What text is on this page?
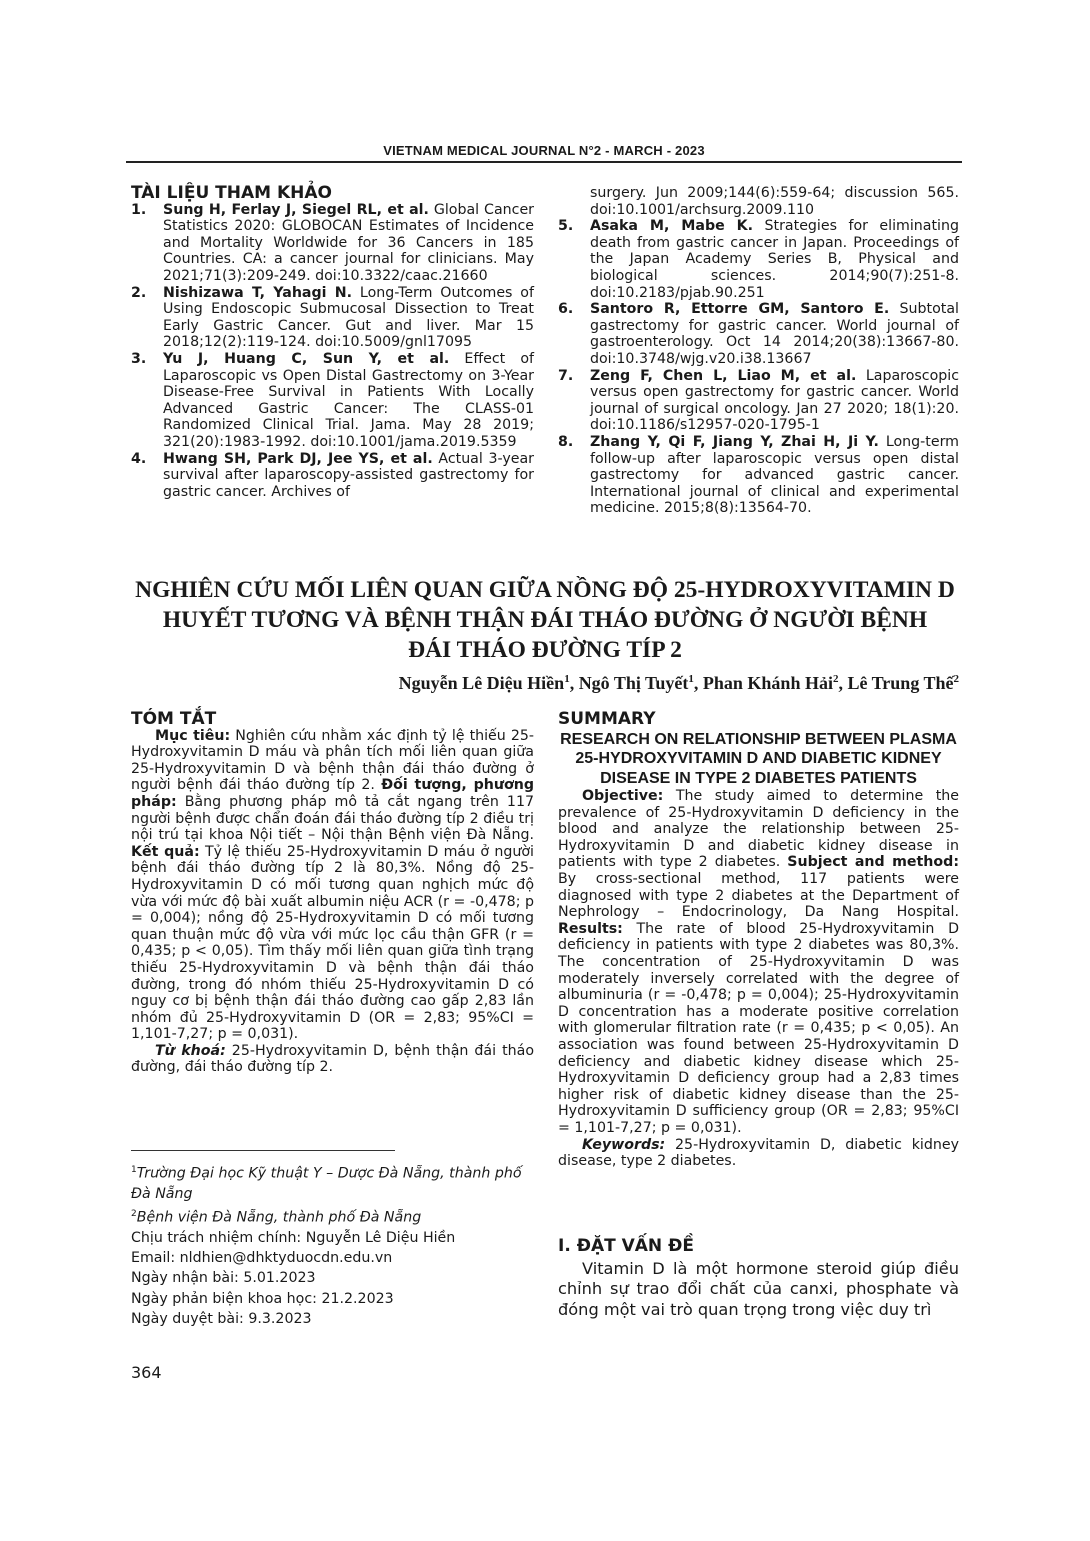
VIETNAM MEDICAL JOURNAL N°2 - MARCH - 2023
TÀI LIỆU THAM KHẢO

1. Sung H, Ferlay J, Siegel RL, et al. Global Cancer Statistics 2020: GLOBOCAN Estimates of Incidence and Mortality Worldwide for 36 Cancers in 185 Countries. CA: a cancer journal for clinicians. May 2021;71(3):209-249. doi:10.3322/caac.21660

2. Nishizawa T, Yahagi N. Long-Term Outcomes of Using Endoscopic Submucosal Dissection to Treat Early Gastric Cancer. Gut and liver. Mar 15 2018;12(2):119-124. doi:10.5009/gnl17095

3. Yu J, Huang C, Sun Y, et al. Effect of Laparoscopic vs Open Distal Gastrectomy on 3-Year Disease-Free Survival in Patients With Locally Advanced Gastric Cancer: The CLASS-01 Randomized Clinical Trial. Jama. May 28 2019; 321(20):1983-1992. doi:10.1001/jama.2019.5359

4. Hwang SH, Park DJ, Jee YS, et al. Actual 3-year survival after laparoscopy-assisted gastrectomy for gastric cancer. Archives of

surgery. Jun 2009;144(6):559-64; discussion 565. doi:10.1001/archsurg.2009.110

5. Asaka M, Mabe K. Strategies for eliminating death from gastric cancer in Japan. Proceedings of the Japan Academy Series B, Physical and biological sciences. 2014;90(7):251-8. doi:10.2183/pjab.90.251

6. Santoro R, Ettorre GM, Santoro E. Subtotal gastrectomy for gastric cancer. World journal of gastroenterology. Oct 14 2014;20(38):13667-80. doi:10.3748/wjg.v20.i38.13667

7. Zeng F, Chen L, Liao M, et al. Laparoscopic versus open gastrectomy for gastric cancer. World journal of surgical oncology. Jan 27 2020; 18(1):20. doi:10.1186/s12957-020-1795-1

8. Zhang Y, Qi F, Jiang Y, Zhai H, Ji Y. Long-term follow-up after laparoscopic versus open distal gastrectomy for advanced gastric cancer. International journal of clinical and experimental medicine. 2015;8(8):13564-70.

NGHIÊN CỨU MỐI LIÊN QUAN GIỮA NỒNG ĐỘ 25-HYDROXYVITAMIN D
HUYẾT TƯƠNG VÀ BỆNH THẬN ĐÁI THÁO ĐƯỜNG Ở NGƯỜI BỆNH
ĐÁI THÁO ĐƯỜNG TÍP 2
Nguyễn Lê Diệu Hiền$^1$, Ngô Thị Tuyết$^1$, Phan Khánh Hải$^2$, Lê Trung Thế$^2$
TÓM TẮT

Mục tiêu: Nghiên cứu nhằm xác định tỷ lệ thiếu 25-Hydroxyvitamin D máu và phân tích mối liên quan giữa 25-Hydroxyvitamin D và bệnh thận đái tháo đường ở người bệnh đái tháo đường típ 2. Đối tượng, phương pháp: Bằng phương pháp mô tả cắt ngang trên 117 người bệnh được chẩn đoán đái tháo đường típ 2 điều trị nội trú tại khoa Nội tiết – Nội thận Bệnh viện Đà Nẵng. Kết quả: Tỷ lệ thiếu 25-Hydroxyvitamin D máu ở người bệnh đái tháo đường típ 2 là 80,3%. Nồng độ 25-Hydroxyvitamin D có mối tương quan nghịch mức độ vừa với mức độ bài xuất albumin niệu ACR (r = -0,478; p = 0,004); nồng độ 25-Hydroxyvitamin D có mối tương quan thuận mức độ vừa với mức lọc cầu thận GFR (r = 0,435; p < 0,05). Tìm thấy mối liên quan giữa tình trạng thiếu 25-Hydroxyvitamin D và bệnh thận đái tháo đường, trong đó nhóm thiếu 25-Hydroxyvitamin D có nguy cơ bị bệnh thận đái tháo đường cao gấp 2,83 lần nhóm đủ 25-Hydroxyvitamin D (OR = 2,83; 95%CI = 1,101-7,27; p = 0,031).

Từ khoá: 25-Hydroxyvitamin D, bệnh thận đái tháo đường, đái tháo đường típ 2.

$^1$Trường Đại học Kỹ thuật Y – Dược Đà Nẵng, thành phố Đà Nẵng
$^2$Bệnh viện Đà Nẵng, thành phố Đà Nẵng
Chịu trách nhiệm chính: Nguyễn Lê Diệu Hiền
Email: nldhien@dhktyduocdn.edu.vn
Ngày nhận bài: 5.01.2023
Ngày phản biện khoa học: 21.2.2023
Ngày duyệt bài: 9.3.2023
SUMMARY
RESEARCH ON RELATIONSHIP BETWEEN PLASMA 25-HYDROXYVITAMIN D AND DIABETIC KIDNEY DISEASE IN TYPE 2 DIABETES PATIENTS

Objective: The study aimed to determine the prevalence of 25-Hydroxyvitamin D deficiency in the blood and analyze the relationship between 25-Hydroxyvitamin D and diabetic kidney disease in patients with type 2 diabetes. Subject and method: By cross-sectional method, 117 patients were diagnosed with type 2 diabetes at the Department of Nephrology – Endocrinology, Da Nang Hospital. Results: The rate of blood 25-Hydroxyvitamin D deficiency in patients with type 2 diabetes was 80,3%. The concentration of 25-Hydroxyvitamin D was moderately inversely correlated with the degree of albuminuria (r = -0,478; p = 0,004); 25-Hydroxyvitamin D concentration has a moderate positive correlation with glomerular filtration rate (r = 0,435; p < 0,05). An association was found between 25-Hydroxyvitamin D deficiency and diabetic kidney disease which 25-Hydroxyvitamin D deficiency group had a 2,83 times higher risk of diabetic kidney disease than the 25-Hydroxyvitamin D sufficiency group (OR = 2,83; 95%CI = 1,101-7,27; p = 0,031).

Keywords: 25-Hydroxyvitamin D, diabetic kidney disease, type 2 diabetes.

I. ĐẶT VẤN ĐỀ

Vitamin D là một hormone steroid giúp điều chỉnh sự trao đổi chất của canxi, phosphate và đóng một vai trò quan trọng trong việc duy trì

364
